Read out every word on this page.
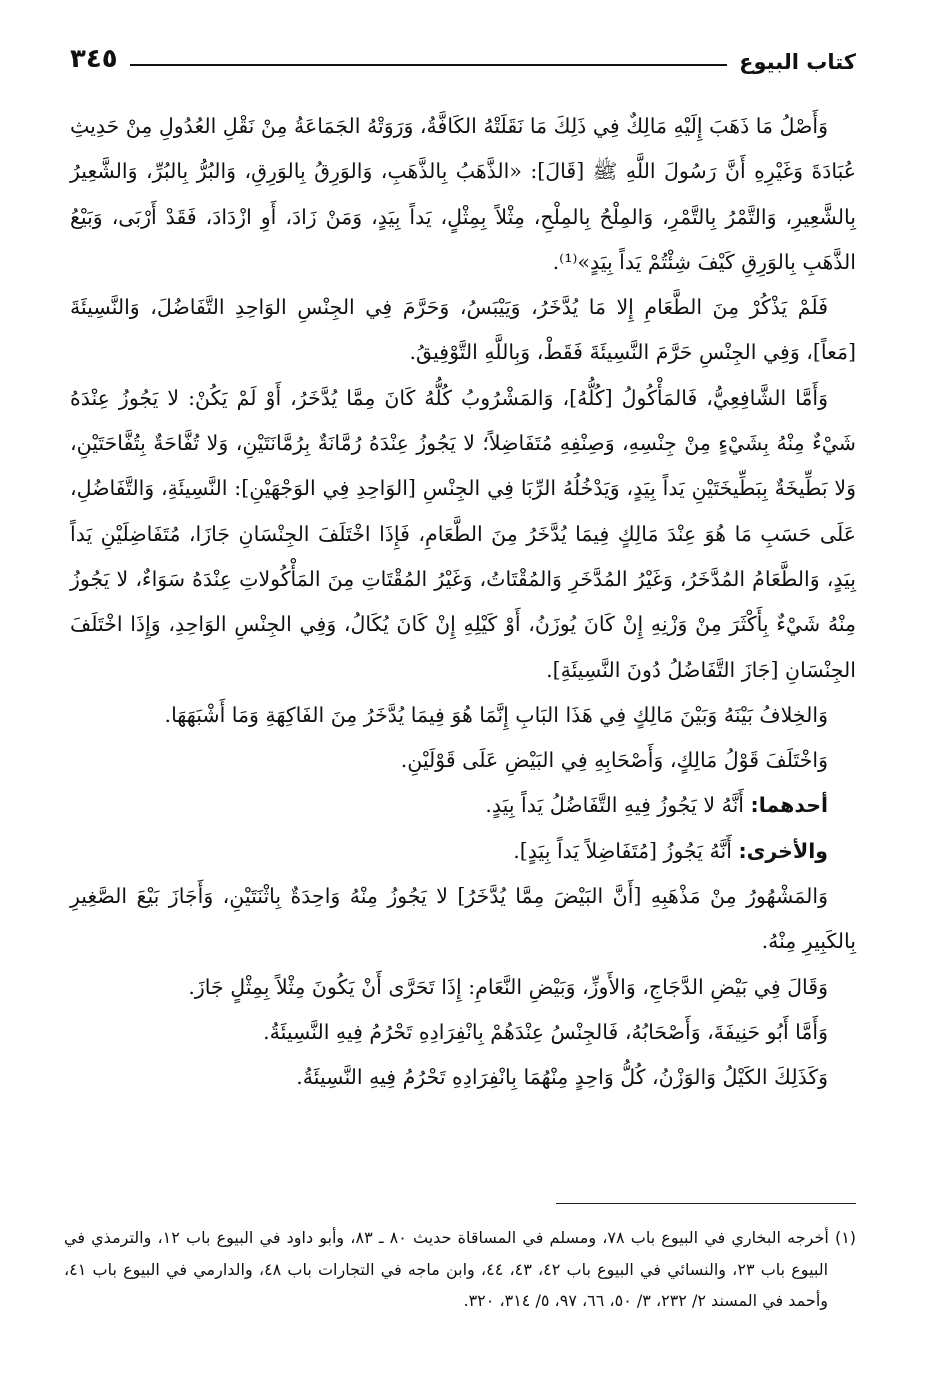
كتاب البيوع
٣٤٥

وَأَصْلُ مَا ذَهَبَ إِلَيْهِ مَالِكٌ فِي ذَلِكَ مَا نَقَلَتْهُ الكَافَّةُ، وَرَوَتْهُ الجَمَاعَةُ مِنْ نَقْلِ العُدُولِ مِنْ حَدِيثِ عُبَادَةَ وَغَيْرِهِ أَنَّ رَسُولَ اللَّهِ ﷺ [قَالَ]: «الذَّهَبُ بِالذَّهَبِ، وَالوَرِقُ بِالوَرِقِ، وَالبُرُّ بِالبُرِّ، وَالشَّعِيرُ بِالشَّعِيرِ، وَالتَّمْرُ بِالتَّمْرِ، وَالمِلْحُ بِالمِلْحِ، مِثْلاً بِمِثْلٍ، يَداً بِيَدٍ، وَمَنْ زَادَ، أَوِ ازْدَادَ، فَقَدْ أَرْبَى، وَبَيْعُ الذَّهَبِ بِالوَرِقِ كَيْفَ شِئْتُمْ يَداً بِيَدٍ»⁽¹⁾.

فَلَمْ يَذْكُرْ مِنَ الطَّعَامِ إِلا مَا يُدَّخَرُ، وَيَيْبَسُ، وَحَرَّمَ فِي الجِنْسِ الوَاحِدِ التَّفَاضُلَ، وَالنَّسِيئَةَ [مَعاً]، وَفِي الجِنْسِ حَرَّمَ النَّسِيئَةَ فَقَطْ، وَبِاللَّهِ التَّوْفِيقُ.

وَأَمَّا الشَّافِعِيُّ، فَالمَأْكُولُ [كُلُّهُ]، وَالمَشْرُوبُ كُلُّهُ كَانَ مِمَّا يُدَّخَرُ، أَوْ لَمْ يَكُنْ: لا يَجُوزُ عِنْدَهُ شَيْءٌ مِنْهُ بِشَيْءٍ مِنْ جِنْسِهِ، وَصِنْفِهِ مُتَفَاضِلاً؛ لا يَجُوزُ عِنْدَهُ رُمَّانَةٌ بِرُمَّانَتَيْنِ، وَلا تُفَّاحَةٌ بِتُفَّاحَتَيْنِ، وَلا بَطِّيخَةٌ بِبَطِّيخَتَيْنِ يَداً بِيَدٍ، وَيَدْخُلُهُ الرِّبَا فِي الجِنْسِ [الوَاحِدِ فِي الوَجْهَيْنِ]: النَّسِيئَةِ، وَالتَّفَاضُلِ، عَلَى حَسَبِ مَا هُوَ عِنْدَ مَالِكٍ فِيمَا يُدَّخَرُ مِنَ الطَّعَامِ، فَإِذَا اخْتَلَفَ الجِنْسَانِ جَازَا، مُتَفَاضِلَيْنِ يَداً بِيَدٍ، وَالطَّعَامُ المُدَّخَرُ، وَغَيْرُ المُدَّخَرِ وَالمُقْتَاتُ، وَغَيْرُ المُقْتَاتِ مِنَ المَأْكُولاتِ عِنْدَهُ سَوَاءٌ، لا يَجُوزُ مِنْهُ شَيْءٌ بِأَكْثَرَ مِنْ وَزْنِهِ إِنْ كَانَ يُوزَنُ، أَوْ كَيْلِهِ إِنْ كَانَ يُكَالُ، وَفِي الجِنْسِ الوَاحِدِ، وَإِذَا اخْتَلَفَ الجِنْسَانِ [جَازَ التَّفَاضُلُ دُونَ النَّسِيئَةِ].

وَالخِلافُ بَيْنَهُ وَبَيْنَ مَالِكٍ فِي هَذَا البَابِ إِنَّمَا هُوَ فِيمَا يُدَّخَرُ مِنَ الفَاكِهَةِ وَمَا أَشْبَهَهَا.

وَاخْتَلَفَ قَوْلُ مَالِكٍ، وَأَصْحَابِهِ فِي البَيْضِ عَلَى قَوْلَيْنِ.

أحدهما: أَنَّهُ لا يَجُوزُ فِيهِ التَّفَاضُلُ يَداً بِيَدٍ.

والأخرى: أَنَّهُ يَجُوزُ [مُتَفَاضِلاً يَداً بِيَدٍ].

وَالمَشْهُورُ مِنْ مَذْهَبِهِ [أَنَّ البَيْضَ مِمَّا يُدَّخَرُ] لا يَجُوزُ مِنْهُ وَاحِدَةٌ بِاثْنَتَيْنِ، وَأَجَازَ بَيْعَ الصَّغِيرِ بِالكَبِيرِ مِنْهُ.

وَقَالَ فِي بَيْضِ الدَّجَاجِ، وَالأَوزِّ، وَبَيْضِ النَّعَامِ: إِذَا تَحَرَّى أَنْ يَكُونَ مِثْلاً بِمِثْلٍ جَازَ.

وَأَمَّا أَبُو حَنِيفَةَ، وَأَصْحَابُهُ، فَالجِنْسُ عِنْدَهُمْ بِانْفِرَادِهِ تَحْرُمُ فِيهِ النَّسِيئَةُ.

وَكَذَلِكَ الكَيْلُ وَالوَزْنُ، كُلُّ وَاحِدٍ مِنْهُمَا بِانْفِرَادِهِ تَحْرُمُ فِيهِ النَّسِيئَةُ.

(١) أخرجه البخاري في البيوع باب ٧٨، ومسلم في المساقاة حديث ٨٠ ـ ٨٣، وأبو داود في البيوع باب ١٢، والترمذي في البيوع باب ٢٣، والنسائي في البيوع باب ٤٢، ٤٣، ٤٤، وابن ماجه في التجارات باب ٤٨، والدارمي في البيوع باب ٤١، وأحمد في المسند ٢/ ٢٣٢، ٣/ ٥٠، ٦٦، ٩٧، ٥/ ٣١٤، ٣٢٠.
